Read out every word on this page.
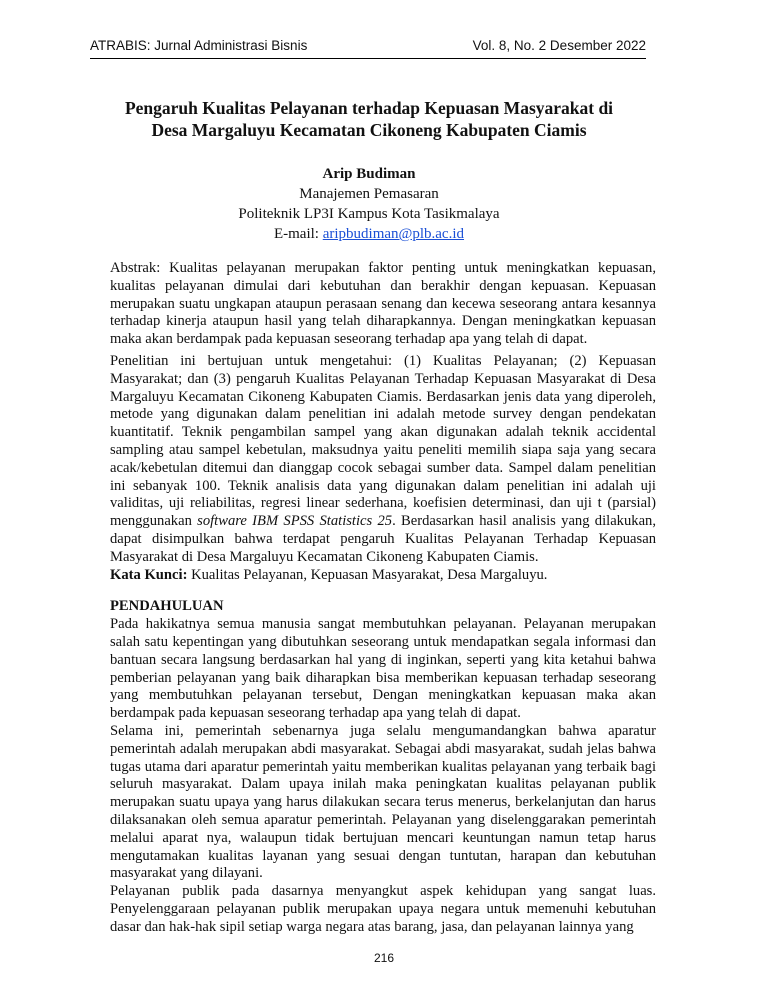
ATRABIS: Jurnal Administrasi Bisnis	Vol. 8, No. 2 Desember 2022
Pengaruh Kualitas Pelayanan terhadap Kepuasan Masyarakat di
Desa Margaluyu Kecamatan Cikoneng Kabupaten Ciamis
Arip Budiman
Manajemen Pemasaran
Politeknik LP3I Kampus Kota Tasikmalaya
E-mail: aripbudiman@plb.ac.id

Abstrak: Kualitas pelayanan merupakan faktor penting untuk meningkatkan kepuasan, kualitas pelayanan dimulai dari kebutuhan dan berakhir dengan kepuasan. Kepuasan merupakan suatu ungkapan ataupun perasaan senang dan kecewa seseorang antara kesannya terhadap kinerja ataupun hasil yang telah diharapkannya. Dengan meningkatkan kepuasan maka akan berdampak pada kepuasan seseorang terhadap apa yang telah di dapat.

Penelitian ini bertujuan untuk mengetahui: (1) Kualitas Pelayanan; (2) Kepuasan Masyarakat; dan (3) pengaruh Kualitas Pelayanan Terhadap Kepuasan Masyarakat di Desa Margaluyu Kecamatan Cikoneng Kabupaten Ciamis. Berdasarkan jenis data yang diperoleh, metode yang digunakan dalam penelitian ini adalah metode survey dengan pendekatan kuantitatif. Teknik pengambilan sampel yang akan digunakan adalah teknik accidental sampling atau sampel kebetulan, maksudnya yaitu peneliti memilih siapa saja yang secara acak/kebetulan ditemui dan dianggap cocok sebagai sumber data. Sampel dalam penelitian ini sebanyak 100. Teknik analisis data yang digunakan dalam penelitian ini adalah uji validitas, uji reliabilitas, regresi linear sederhana, koefisien determinasi, dan uji t (parsial) menggunakan software IBM SPSS Statistics 25. Berdasarkan hasil analisis yang dilakukan, dapat disimpulkan bahwa terdapat pengaruh Kualitas Pelayanan Terhadap Kepuasan Masyarakat di Desa Margaluyu Kecamatan Cikoneng Kabupaten Ciamis.

Kata Kunci: Kualitas Pelayanan, Kepuasan Masyarakat, Desa Margaluyu.

PENDAHULUAN

Pada hakikatnya semua manusia sangat membutuhkan pelayanan. Pelayanan merupakan salah satu kepentingan yang dibutuhkan seseorang untuk mendapatkan segala informasi dan bantuan secara langsung berdasarkan hal yang di inginkan, seperti yang kita ketahui bahwa pemberian pelayanan yang baik diharapkan bisa memberikan kepuasan terhadap seseorang yang membutuhkan pelayanan tersebut, Dengan meningkatkan kepuasan maka akan berdampak pada kepuasan seseorang terhadap apa yang telah di dapat.

Selama ini, pemerintah sebenarnya juga selalu mengumandangkan bahwa aparatur pemerintah adalah merupakan abdi masyarakat. Sebagai abdi masyarakat, sudah jelas bahwa tugas utama dari aparatur pemerintah yaitu memberikan kualitas pelayanan yang terbaik bagi seluruh masyarakat. Dalam upaya inilah maka peningkatan kualitas pelayanan publik merupakan suatu upaya yang harus dilakukan secara terus menerus, berkelanjutan dan harus dilaksanakan oleh semua aparatur pemerintah. Pelayanan yang diselenggarakan pemerintah melalui aparat nya, walaupun tidak bertujuan mencari keuntungan namun tetap harus mengutamakan kualitas layanan yang sesuai dengan tuntutan, harapan dan kebutuhan masyarakat yang dilayani.

Pelayanan publik pada dasarnya menyangkut aspek kehidupan yang sangat luas. Penyelenggaraan pelayanan publik merupakan upaya negara untuk memenuhi kebutuhan dasar dan hak-hak sipil setiap warga negara atas barang, jasa, dan pelayanan lainnya yang

216
